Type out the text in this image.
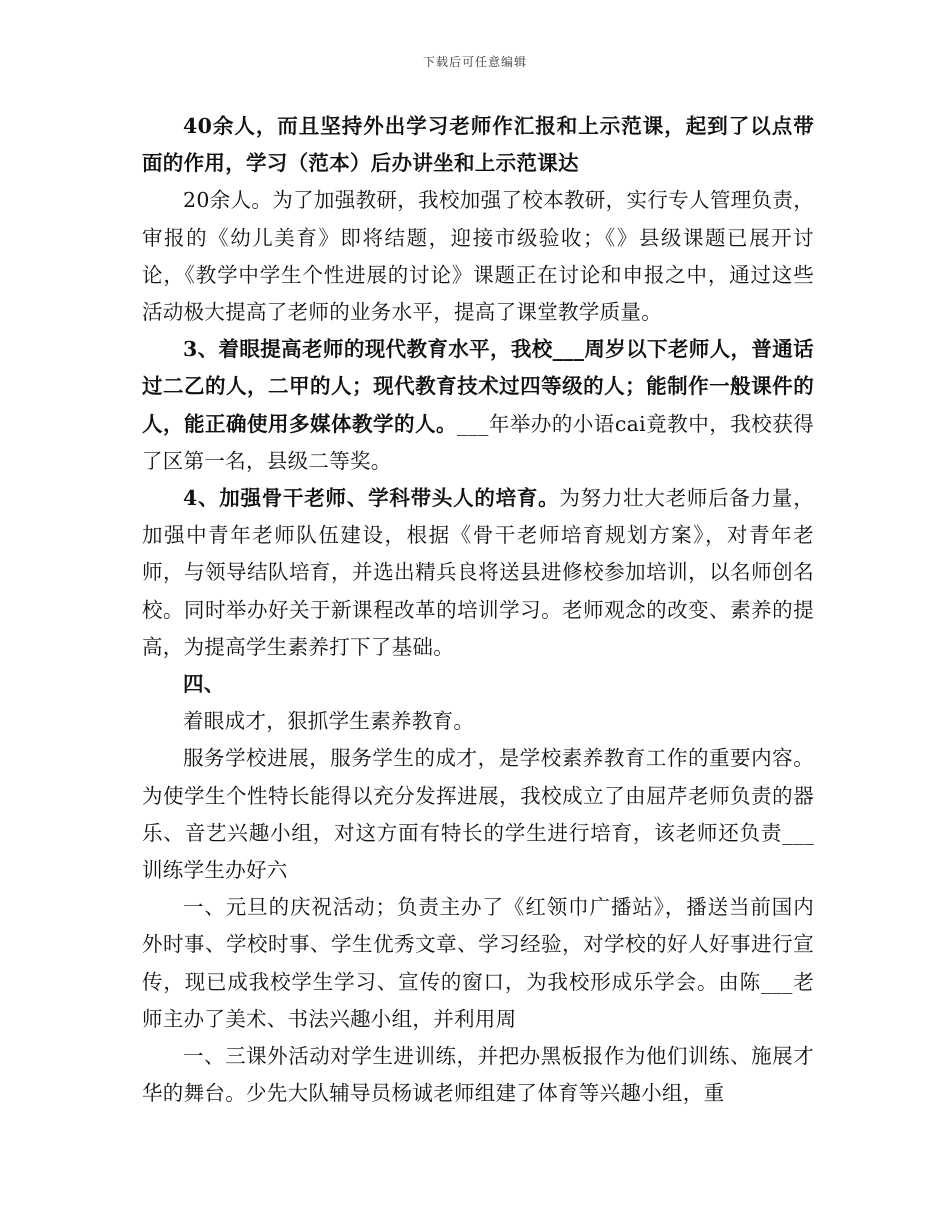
下载后可任意编辑

40余人，而且坚持外出学习老师作汇报和上示范课，起到了以点带面的作用，学习（范本）后办讲坐和上示范课达

20余人。为了加强教研，我校加强了校本教研，实行专人管理负责，审报的《幼儿美育》即将结题，迎接市级验收；《》县级课题已展开讨论，《教学中学生个性进展的讨论》课题正在讨论和申报之中，通过这些活动极大提高了老师的业务水平，提高了课堂教学质量。

3、着眼提高老师的现代教育水平，我校___周岁以下老师人，普通话过二乙的人，二甲的人；现代教育技术过四等级的人；能制作一般课件的人，能正确使用多媒体教学的人。___年举办的小语cai竟教中，我校获得了区第一名，县级二等奖。

4、加强骨干老师、学科带头人的培育。为努力壮大老师后备力量，加强中青年老师队伍建设，根据《骨干老师培育规划方案》，对青年老师，与领导结队培育，并选出精兵良将送县进修校参加培训，以名师创名校。同时举办好关于新课程改革的培训学习。老师观念的改变、素养的提高，为提高学生素养打下了基础。

四、

着眼成才，狠抓学生素养教育。

服务学校进展，服务学生的成才，是学校素养教育工作的重要内容。为使学生个性特长能得以充分发挥进展，我校成立了由屈芹老师负责的器乐、音艺兴趣小组，对这方面有特长的学生进行培育，该老师还负责___训练学生办好六

一、元旦的庆祝活动；负责主办了《红领巾广播站》，播送当前国内外时事、学校时事、学生优秀文章、学习经验，对学校的好人好事进行宣传，现已成我校学生学习、宣传的窗口，为我校形成乐学会。由陈___老师主办了美术、书法兴趣小组，并利用周

一、三课外活动对学生进训练，并把办黑板报作为他们训练、施展才华的舞台。少先大队辅导员杨诚老师组建了体育等兴趣小组，重
